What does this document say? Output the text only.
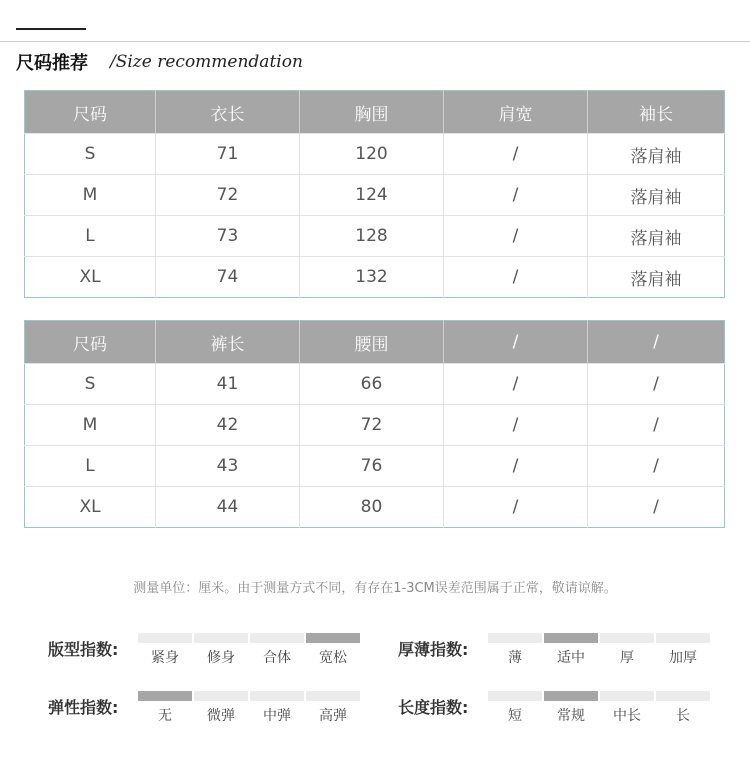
尺码推荐 /Size recommendation
尺码	衣长	胸围	肩宽	袖长
S	71	120	/	落肩袖
M	72	124	/	落肩袖
L	73	128	/	落肩袖
XL	74	132	/	落肩袖
尺码	裤长	腰围	/	/
S	41	66	/	/
M	42	72	/	/
L	43	76	/	/
XL	44	80	/	/
测量单位：厘米。由于测量方式不同，有存在1-3CM误差范围属于正常，敬请谅解。
版型指数:	紧身	修身	合体	宽松	厚薄指数:	薄	适中	厚	加厚
弹性指数:	无	微弹	中弹	高弹	长度指数:	短	常规	中长	长
